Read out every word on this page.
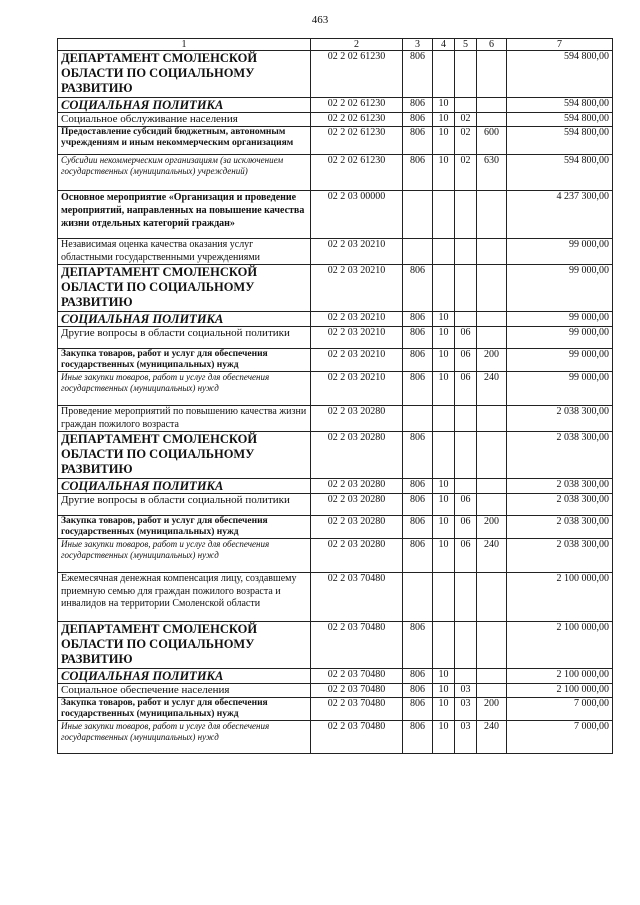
463
1	2	3	4	5	6	7
ДЕПАРТАМЕНТ СМОЛЕНСКОЙ ОБЛАСТИ ПО СОЦИАЛЬНОМУ РАЗВИТИЮ	02 2 02 61230	806				594 800,00
СОЦИАЛЬНАЯ ПОЛИТИКА	02 2 02 61230	806	10			594 800,00
Социальное обслуживание населения	02 2 02 61230	806	10	02		594 800,00
Предоставление субсидий бюджетным, автономным учреждениям и иным некоммерческим организациям	02 2 02 61230	806	10	02	600	594 800,00
Субсидии некоммерческим организациям (за исключением государственных (муниципальных) учреждений)	02 2 02 61230	806	10	02	630	594 800,00
Основное мероприятие «Организация и проведение мероприятий, направленных на повышение качества жизни отдельных категорий граждан»	02 2 03 00000					4 237 300,00
Независимая оценка качества оказания услуг областными государственными учреждениями	02 2 03 20210					99 000,00
ДЕПАРТАМЕНТ СМОЛЕНСКОЙ ОБЛАСТИ ПО СОЦИАЛЬНОМУ РАЗВИТИЮ	02 2 03 20210	806				99 000,00
СОЦИАЛЬНАЯ ПОЛИТИКА	02 2 03 20210	806	10			99 000,00
Другие вопросы в области социальной политики	02 2 03 20210	806	10	06		99 000,00
Закупка товаров, работ и услуг для обеспечения государственных (муниципальных) нужд	02 2 03 20210	806	10	06	200	99 000,00
Иные закупки товаров, работ и услуг для обеспечения государственных (муниципальных) нужд	02 2 03 20210	806	10	06	240	99 000,00
Проведение мероприятий по повышению качества жизни граждан пожилого возраста	02 2 03 20280					2 038 300,00
ДЕПАРТАМЕНТ СМОЛЕНСКОЙ ОБЛАСТИ ПО СОЦИАЛЬНОМУ РАЗВИТИЮ	02 2 03 20280	806				2 038 300,00
СОЦИАЛЬНАЯ ПОЛИТИКА	02 2 03 20280	806	10			2 038 300,00
Другие вопросы в области социальной политики	02 2 03 20280	806	10	06		2 038 300,00
Закупка товаров, работ и услуг для обеспечения государственных (муниципальных) нужд	02 2 03 20280	806	10	06	200	2 038 300,00
Иные закупки товаров, работ и услуг для обеспечения государственных (муниципальных) нужд	02 2 03 20280	806	10	06	240	2 038 300,00
Ежемесячная денежная компенсация лицу, создавшему приемную семью для граждан пожилого возраста и инвалидов на территории Смоленской области	02 2 03 70480					2 100 000,00
ДЕПАРТАМЕНТ СМОЛЕНСКОЙ ОБЛАСТИ ПО СОЦИАЛЬНОМУ РАЗВИТИЮ	02 2 03 70480	806				2 100 000,00
СОЦИАЛЬНАЯ ПОЛИТИКА	02 2 03 70480	806	10			2 100 000,00
Социальное обеспечение населения	02 2 03 70480	806	10	03		2 100 000,00
Закупка товаров, работ и услуг для обеспечения государственных (муниципальных) нужд	02 2 03 70480	806	10	03	200	7 000,00
Иные закупки товаров, работ и услуг для обеспечения государственных (муниципальных) нужд	02 2 03 70480	806	10	03	240	7 000,00
